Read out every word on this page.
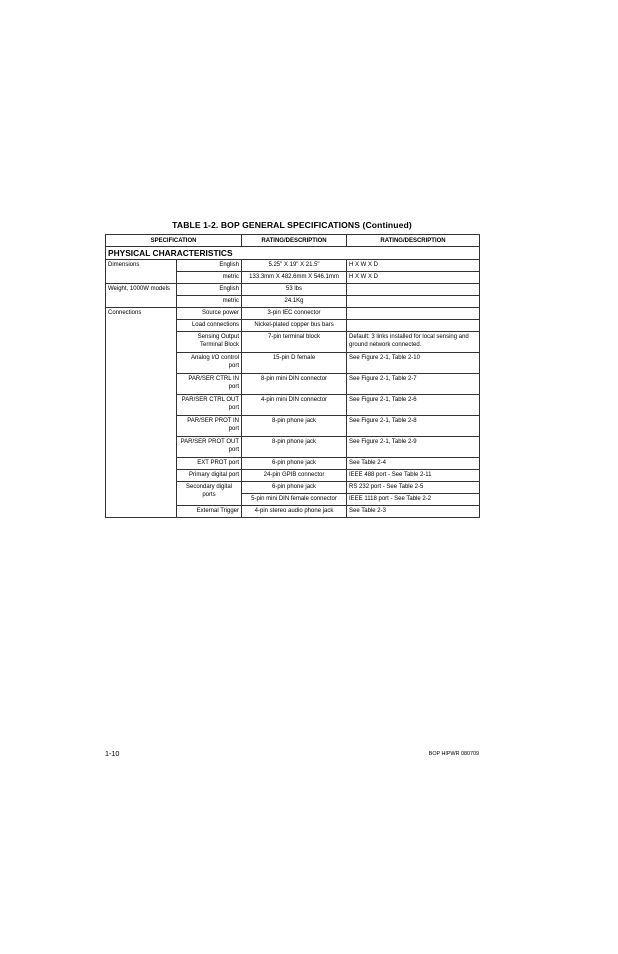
TABLE 1-2. BOP GENERAL SPECIFICATIONS (Continued)
SPECIFICATION		RATING/DESCRIPTION	RATING/DESCRIPTION
PHYSICAL CHARACTERISTICS			
Dimensions	English	5.25" X 19" X 21.5"	H X W X D
	metric	133.3mm X 482.6mm X 546.1mm	H X W X D
Weight, 1000W models	English	53 lbs	
	metric	24.1Kg	
Connections	Source power	3-pin IEC connector	
	Load connections	Nickel-plated copper bus bars	
	Sensing Output Terminal Block	7-pin terminal block	Default: 3 links installed for local sensing and ground network connected.
	Analog I/O control port	15-pin D female	See Figure 2-1, Table 2-10
	PAR/SER CTRL IN port	8-pin mini DIN connector	See Figure 2-1, Table 2-7
	PAR/SER CTRL OUT port	4-pin mini DIN connector	See Figure 2-1, Table 2-6
	PAR/SER PROT IN port	8-pin phone jack	See Figure 2-1, Table 2-8
	PAR/SER PROT OUT port	8-pin phone jack	See Figure 2-1, Table 2-9
	EXT PROT port	6-pin phone jack	See Table 2-4
	Primary digital port	24-pin GPIB connector	IEEE 488 port - See Table 2-11
	Secondary digital ports	6-pin phone jack	RS 232 port - See Table 2-5
		5-pin mini DIN female connector	IEEE 1118 port - See Table 2-2
	External Trigger	4-pin stereo audio phone jack	See Table 2-3
1-10	BOP HIPWR 080709
